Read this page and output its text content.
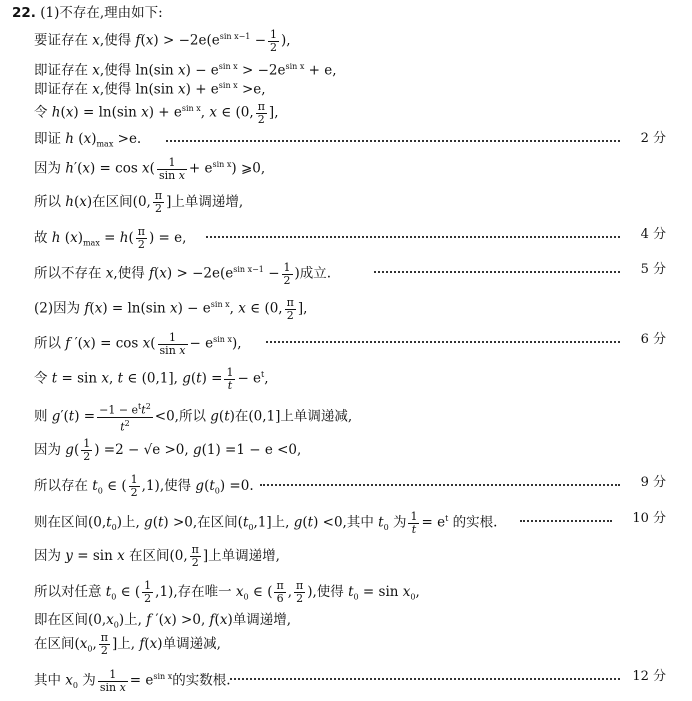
22. (1)不存在,理由如下:
要证存在 x,使得 $f(x) > -2e(e^{sin x-1} - \frac{1}{2}$ ),
即证存在 x,使得 ln(sin $x) - e^{sin x} > -2e^{sin x} + e$,
即证存在 x,使得 ln(sin $x) + e^{sin x} >e$,
令 h(x) = ln(sin $x) + e^{sin x}$, x ∈ (0, $\frac{\pi}{2}$ ],
即证 h $(x)_{max} >e$.	2 分
因为 $h'(x) = \cos x( \frac{1}{\text{sin x}} + e^{sin x})$ ⩾0,
所以 h(x)在区间(0, $\frac{\pi}{2}$ ]上单调递增,
故 h $(x)_{max} = h( \frac{\pi}{2}$ ) = e,	4 分
所以不存在 x,使得 $f(x) > -2e(e^{sin x-1} - \frac{1}{2}$ )成立.	5 分
(2)因为 f(x) = ln(sin $x) - e^{sin x}$, x ∈ (0, $\frac{\pi}{2}$ ],
所以 f $'(x) = \cos x( \frac{1}{\text{sin x}} - e^{sin x})$,	6 分
令 t = sin x, t ∈ (0,1], $g(t) = \frac{1}{t} - e^t$,
则 $g'(t) = \frac{-1 - e^tt^2}{t^2} <0$,所以 g(t)在(0,1]上单调递减,
因为 $g( \frac{1}{2}$ ) =2 − √e >0, g(1) =1 − e <0,
所以存在 $t_0$ ∈ ( $\frac{1}{2} ,1$),使得 $g(t_0) =0$.	9 分
则在区间$(0,t_0)$上, g(t) >0,在区间$(t_0,1]$上, g(t) <0,其中 $t_0$ 为 $\frac{1}{t} = e^t$ 的实根.	10 分
因为 y = sin x 在区间(0, $\frac{\pi}{2}$ ]上单调递增,
所以对任意 $t_0$ ∈ ( $\frac{1}{2} ,1$),存在唯一 $x_0$ ∈ ( $\frac{\pi}{6}$ , $\frac{\pi}{2}$ ),使得 $t_0 = \sin x_0$,
即在区间$(0,x_0)$上, f ′(x) >0, f(x)单调递增,
在区间($x_0$, $\frac{\pi}{2}$ ]上, f(x)单调递减,
其中 $x_0$ 为 $\frac{1}{\text{sin x}} = e^{sin x}$的实数根.	12 分
